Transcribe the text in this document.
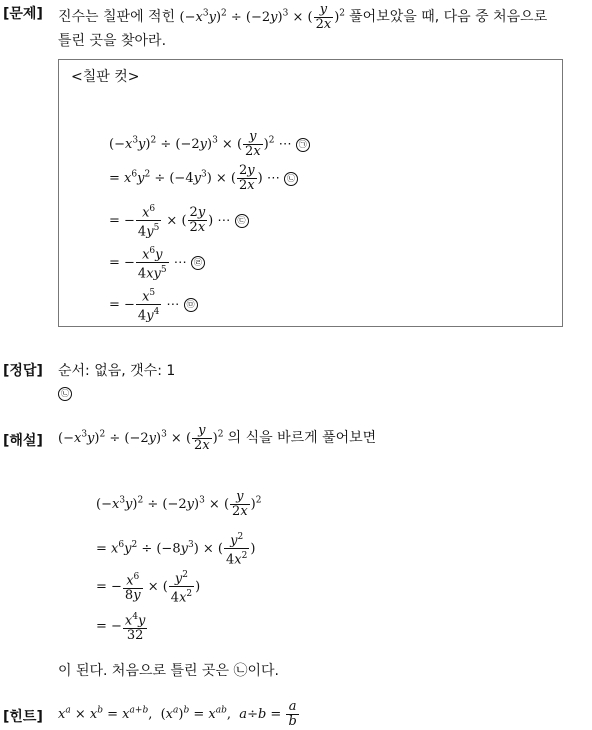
[문제] 진수는 칠판에 적힌 $(-x^3y)^2 \div (-2y)^3$ × ( $\frac{y}{2x} )^2$ 풀어보았을 때, 다음 중 처음으로
틀린 곳을 찾아라.
<칠판 컷>
$(-x^3y)^2 \div (-2y)^3$ × ( $\frac{y}{2x} )^2$ ⋯ ㉠
= $x^6y^2 \div (-4y^3)$ × ( $\frac{2y}{2x}$ ) ⋯ ㉡
= − $\frac{x^6}{4y^5}$ × ( $\frac{2y}{2x}$ ) ⋯ ㉢
= − $\frac{x^6y}{4xy^5}$ ⋯ ㉣
= − $\frac{x^5}{4y^4}$ ⋯ ㉤
[정답] 순서: 없음, 갯수: 1
㉡
[해설] $(-x^3y)^2 \div (-2y)^3$ × ( $\frac{y}{2x} )^2$ 의 식을 바르게 풀어보면
$(-x^3y)^2 \div (-2y)^3$ × ( $\frac{y}{2x} )^2$
= $x^6y^2 \div (-8y^3)$ × ( $\frac{y^2}{4x^2}$ )
= − $\frac{x^6}{8y}$ × ( $\frac{y^2}{4x^2}$ )
= − $\frac{x^4y}{32}$
이 된다. 처음으로 틀린 곳은 ㉡이다.
[힌트] $x^a \times x^b = x^{a+b}$,  $(x^a)^b = x^{ab}$,  $a\div b = \frac{a}{b}$
